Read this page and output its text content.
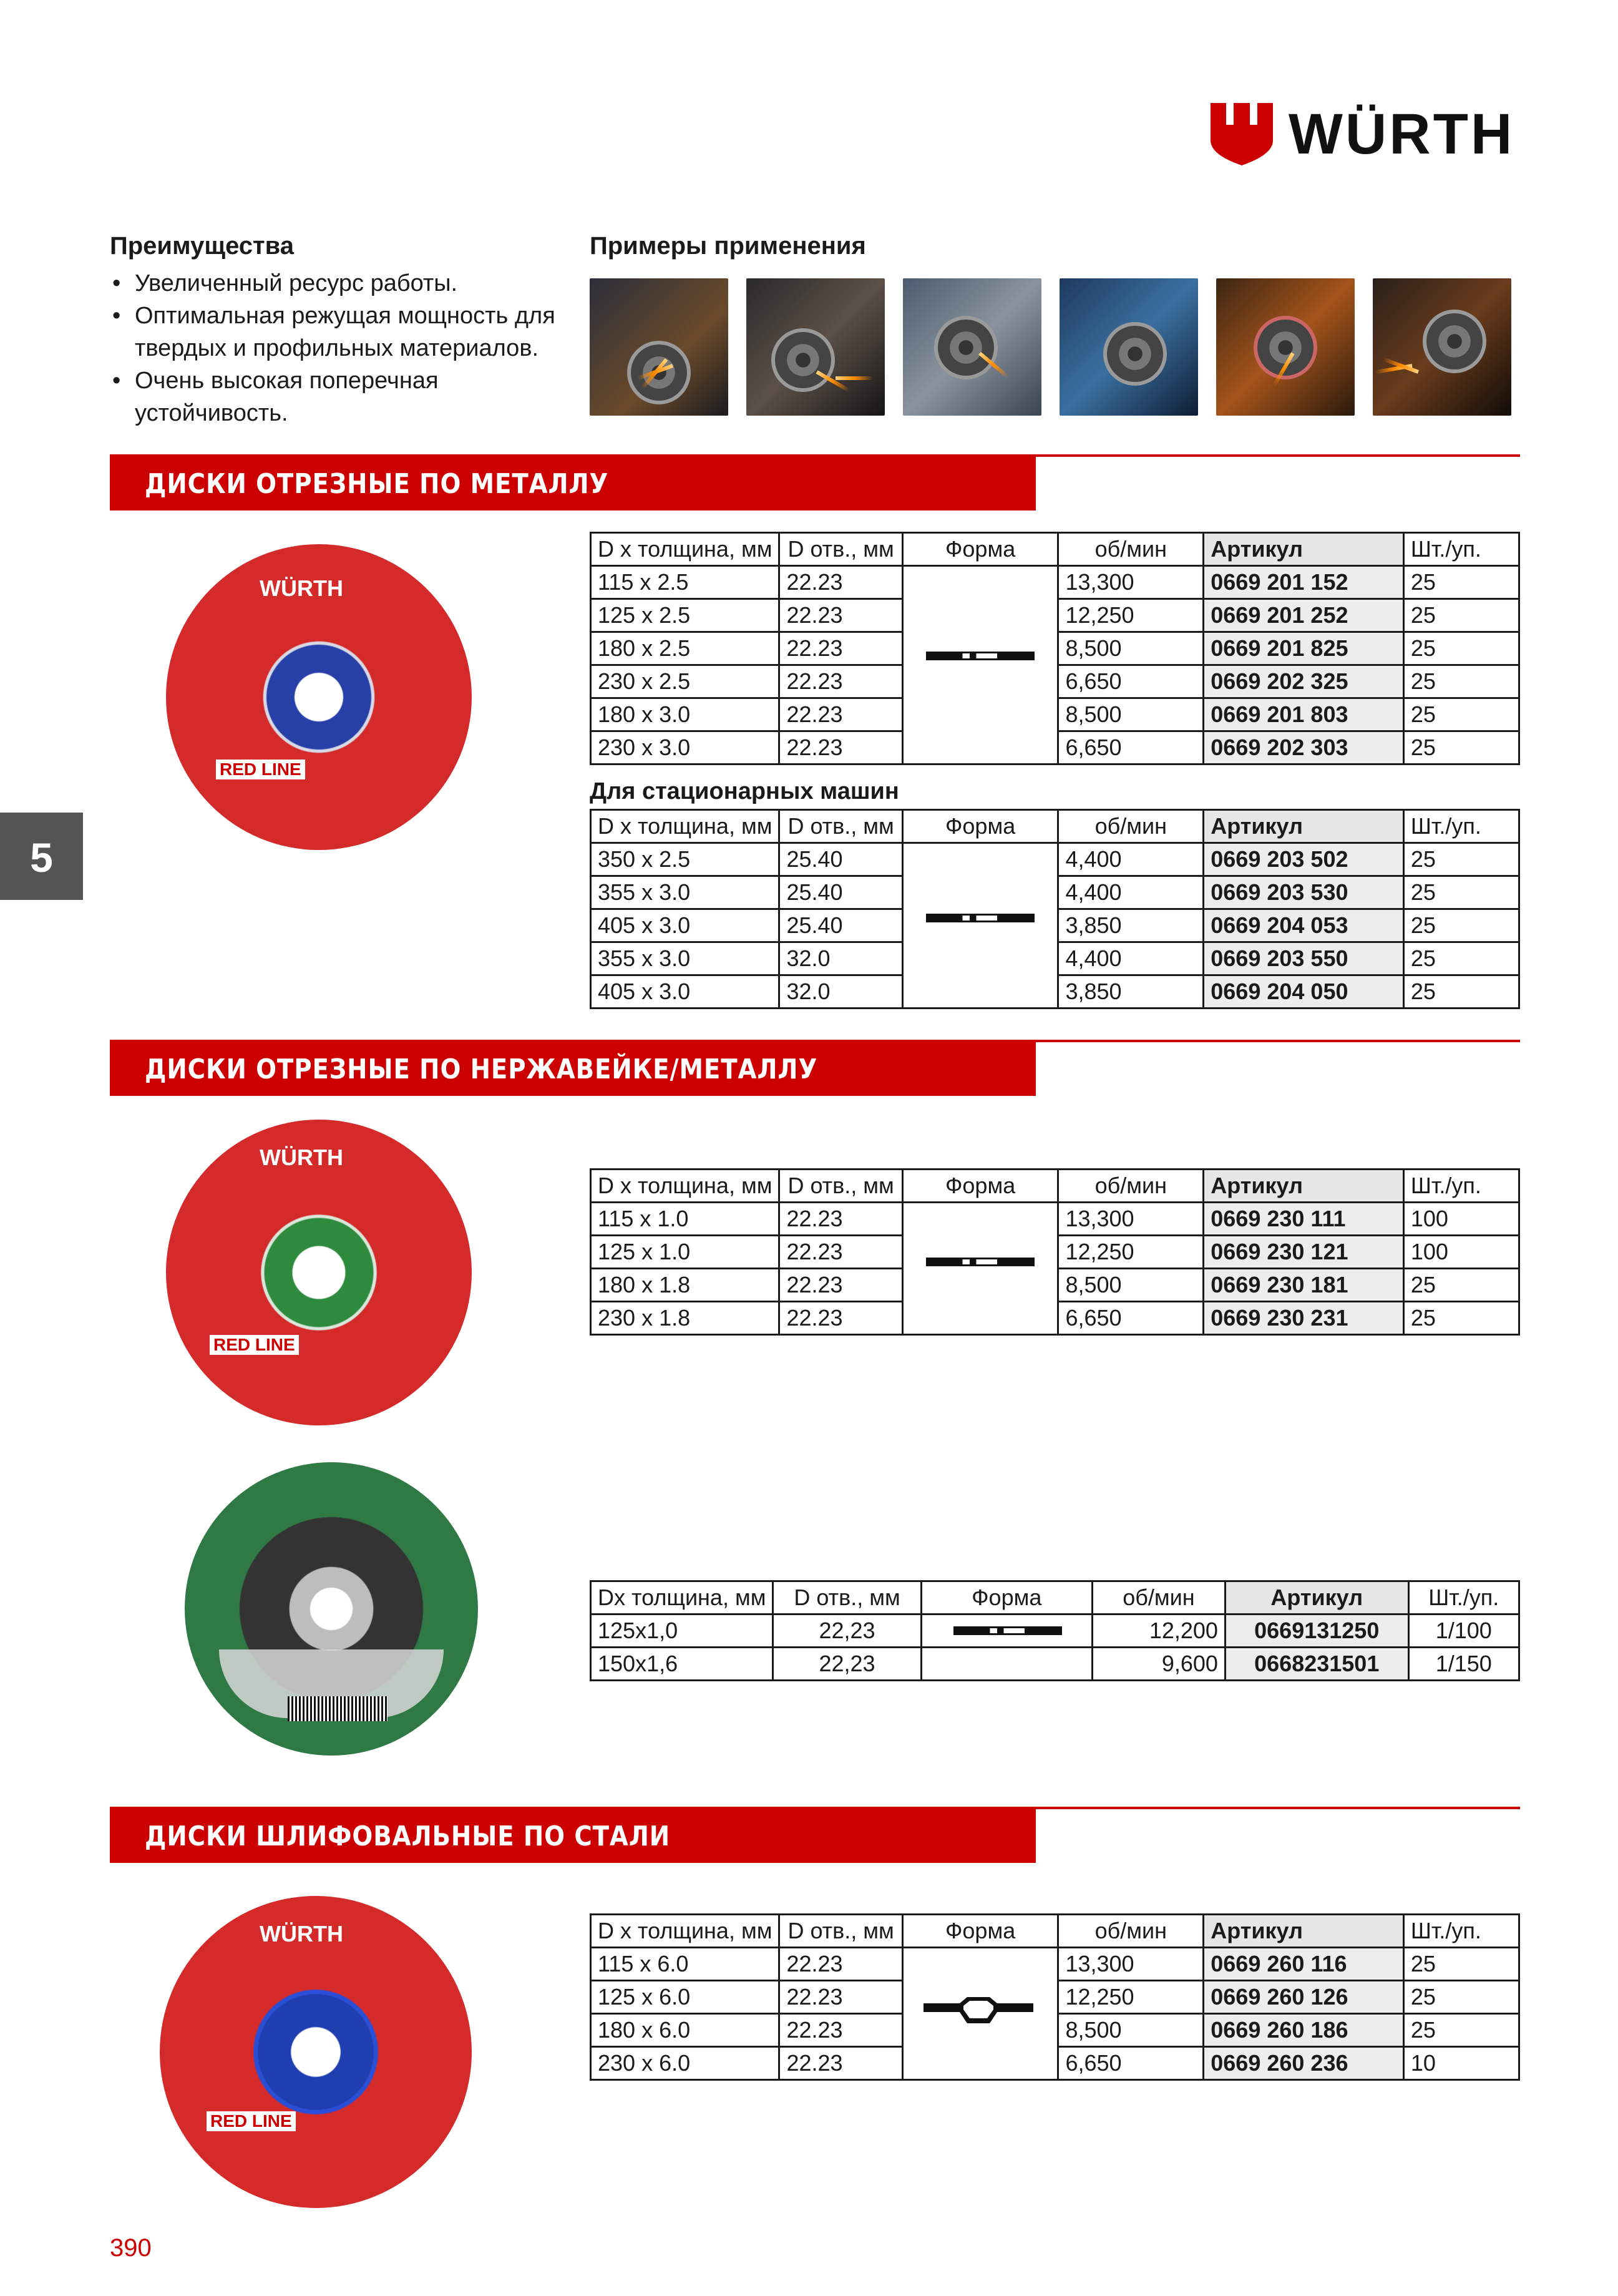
WÜRTH
Преимущества
• Увеличенный ресурс работы.
• Оптимальная режущая мощность для твердых и профильных материалов.
• Очень высокая поперечная устойчивость.
Примеры применения
5
ДИСКИ ОТРЕЗНЫЕ ПО МЕТАЛЛУ
WÜRTH
RED LINE
D x толщина, мм	D отв., мм	Форма	об/мин	Артикул	Шт./уп.
115 x 2.5	22.23		13,300	0669 201 152	25
125 x 2.5	22.23		12,250	0669 201 252	25
180 x 2.5	22.23		8,500	0669 201 825	25
230 x 2.5	22.23		6,650	0669 202 325	25
180 x 3.0	22.23		8,500	0669 201 803	25
230 x 3.0	22.23		6,650	0669 202 303	25
Для стационарных машин
D x толщина, мм	D отв., мм	Форма	об/мин	Артикул	Шт./уп.
350 x 2.5	25.40		4,400	0669 203 502	25
355 x 3.0	25.40		4,400	0669 203 530	25
405 x 3.0	25.40		3,850	0669 204 053	25
355 x 3.0	32.0		4,400	0669 203 550	25
405 x 3.0	32.0		3,850	0669 204 050	25
ДИСКИ ОТРЕЗНЫЕ ПО НЕРЖАВЕЙКЕ/МЕТАЛЛУ
WÜRTH
RED LINE
D x толщина, мм	D отв., мм	Форма	об/мин	Артикул	Шт./уп.
115 x 1.0	22.23		13,300	0669 230 111	100
125 x 1.0	22.23		12,250	0669 230 121	100
180 x 1.8	22.23		8,500	0669 230 181	25
230 x 1.8	22.23		6,650	0669 230 231	25
Dx толщина, мм	D отв., мм	Форма	об/мин	Артикул	Шт./уп.
125x1,0	22,23		12,200	0669131250	1/100
150x1,6	22,23		9,600	0668231501	1/150
ДИСКИ ШЛИФОВАЛЬНЫЕ ПО СТАЛИ
WÜRTH
RED LINE
D x толщина, мм	D отв., мм	Форма	об/мин	Артикул	Шт./уп.
115 x 6.0	22.23		13,300	0669 260 116	25
125 x 6.0	22.23		12,250	0669 260 126	25
180 x 6.0	22.23		8,500	0669 260 186	25
230 x 6.0	22.23		6,650	0669 260 236	10
390
